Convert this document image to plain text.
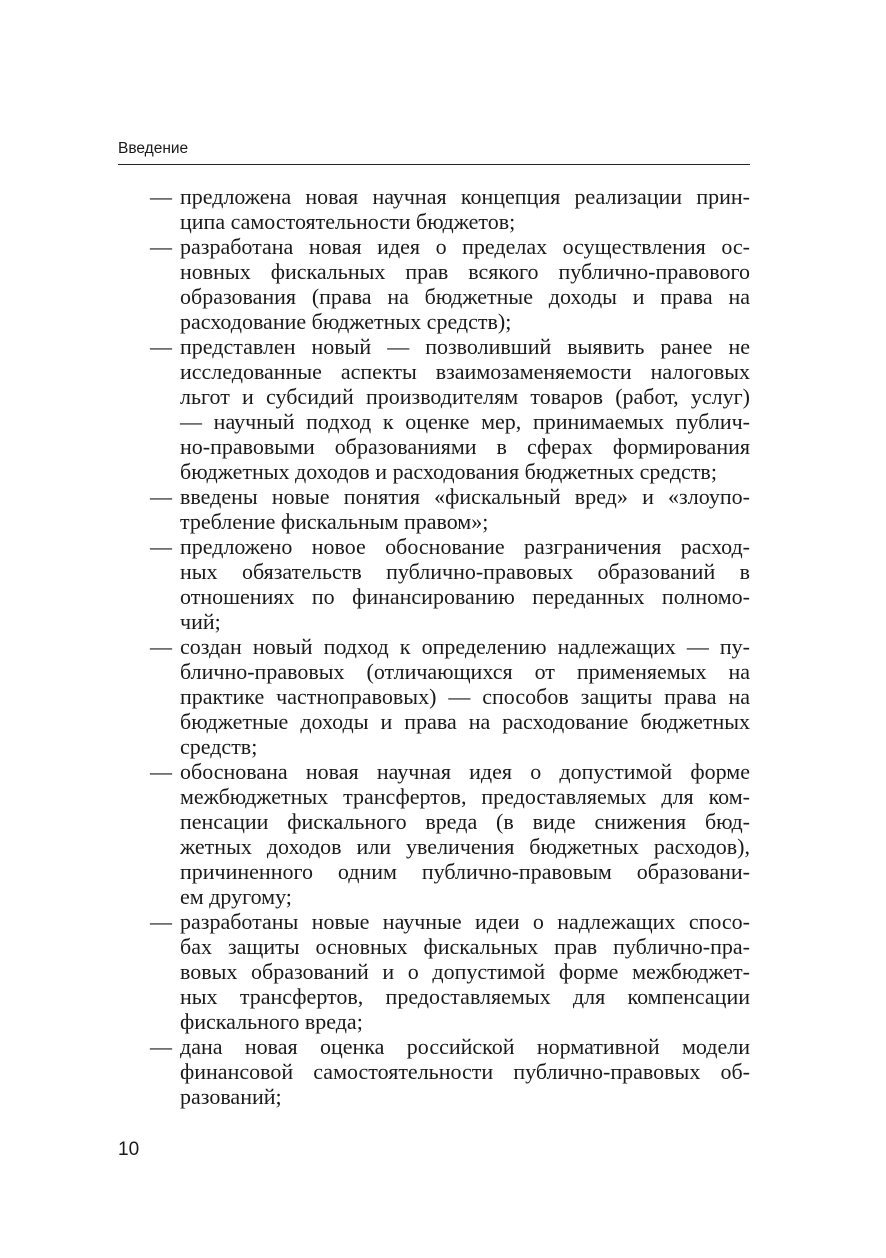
Введение
— предложена новая научная концепция реализации прин-
ципа самостоятельности бюджетов;
— разработана новая идея о пределах осуществления ос-
новных фискальных прав всякого публично-правового
образования (права на бюджетные доходы и права на
расходование бюджетных средств);
— представлен новый — позволивший выявить ранее не
исследованные аспекты взаимозаменяемости налоговых
льгот и субсидий производителям товаров (работ, услуг)
— научный подход к оценке мер, принимаемых публич-
но-правовыми образованиями в сферах формирования
бюджетных доходов и расходования бюджетных средств;
— введены новые понятия «фискальный вред» и «злоупо-
требление фискальным правом»;
— предложено новое обоснование разграничения расход-
ных обязательств публично-правовых образований в
отношениях по финансированию переданных полномо-
чий;
— создан новый подход к определению надлежащих — пу-
блично-правовых (отличающихся от применяемых на
практике частноправовых) — способов защиты права на
бюджетные доходы и права на расходование бюджетных
средств;
— обоснована новая научная идея о допустимой форме
межбюджетных трансфертов, предоставляемых для ком-
пенсации фискального вреда (в виде снижения бюд-
жетных доходов или увеличения бюджетных расходов),
причиненного одним публично-правовым образовани-
ем другому;
— разработаны новые научные идеи о надлежащих спосо-
бах защиты основных фискальных прав публично-пра-
вовых образований и о допустимой форме межбюджет-
ных трансфертов, предоставляемых для компенсации
фискального вреда;
— дана новая оценка российской нормативной модели
финансовой самостоятельности публично-правовых об-
разований;
10
